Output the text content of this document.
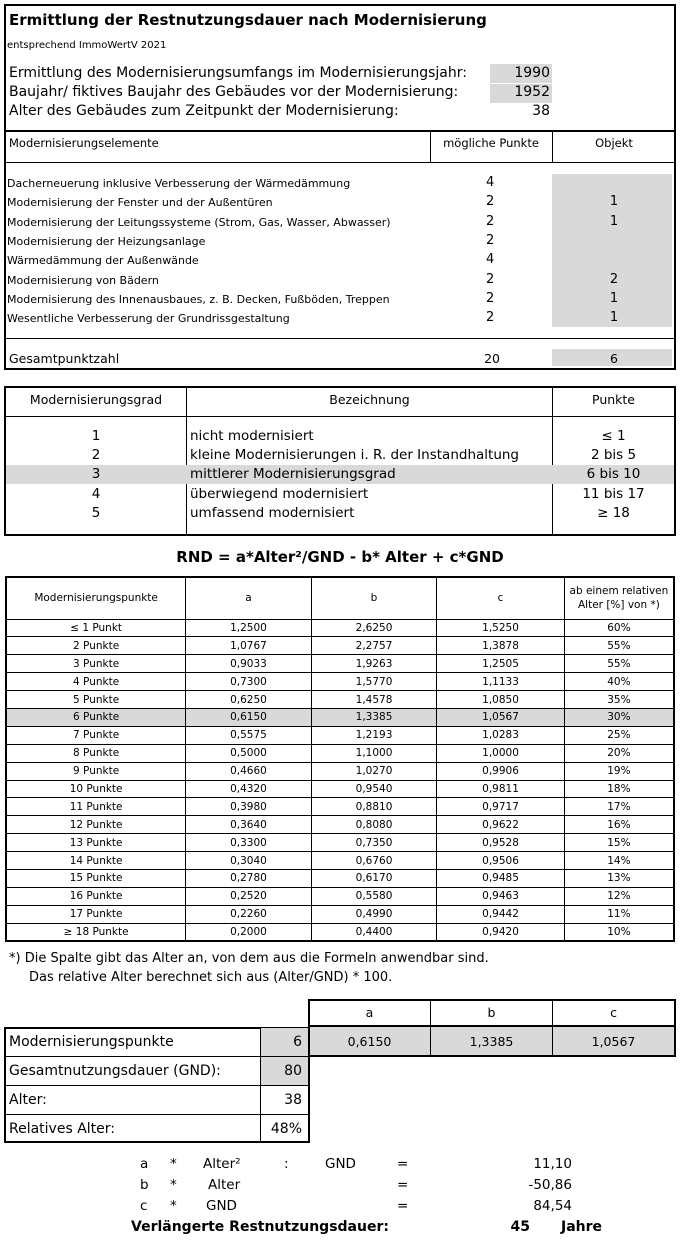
Ermittlung der Restnutzungsdauer nach Modernisierung
entsprechend ImmoWertV 2021
Ermittlung des Modernisierungsumfangs im Modernisierungsjahr:	1990
Baujahr/ fiktives Baujahr des Gebäudes vor der Modernisierung:	1952
Alter des Gebäudes zum Zeitpunkt der Modernisierung:	38
Modernisierungselemente	mögliche Punkte	Objekt
Dacherneuerung inklusive Verbesserung der Wärmedämmung	4
Modernisierung der Fenster und der Außentüren	2	1
Modernisierung der Leitungssysteme (Strom, Gas, Wasser, Abwasser)	2	1
Modernisierung der Heizungsanlage	2
Wärmedämmung der Außenwände	4
Modernisierung von Bädern	2	2
Modernisierung des Innenausbaues, z. B. Decken, Fußböden, Treppen	2	1
Wesentliche Verbesserung der Grundrissgestaltung	2	1
Gesamtpunktzahl	20	6
Modernisierungsgrad	Bezeichnung	Punkte
1	nicht modernisiert	≤ 1
2	kleine Modernisierungen i. R. der Instandhaltung	2 bis 5
3	mittlerer Modernisierungsgrad	6 bis 10
4	überwiegend modernisiert	11 bis 17
5	umfassend modernisiert	≥ 18
RND = a*Alter²/GND - b* Alter + c*GND
Modernisierungspunkte	a	b	c	ab einem relativen Alter [%] von *)
≤ 1 Punkt	1,2500	2,6250	1,5250	60%
2 Punkte	1,0767	2,2757	1,3878	55%
3 Punkte	0,9033	1,9263	1,2505	55%
4 Punkte	0,7300	1,5770	1,1133	40%
5 Punkte	0,6250	1,4578	1,0850	35%
6 Punkte	0,6150	1,3385	1,0567	30%
7 Punkte	0,5575	1,2193	1,0283	25%
8 Punkte	0,5000	1,1000	1,0000	20%
9 Punkte	0,4660	1,0270	0,9906	19%
10 Punkte	0,4320	0,9540	0,9811	18%
11 Punkte	0,3980	0,8810	0,9717	17%
12 Punkte	0,3640	0,8080	0,9622	16%
13 Punkte	0,3300	0,7350	0,9528	15%
14 Punkte	0,3040	0,6760	0,9506	14%
15 Punkte	0,2780	0,6170	0,9485	13%
16 Punkte	0,2520	0,5580	0,9463	12%
17 Punkte	0,2260	0,4990	0,9442	11%
≥ 18 Punkte	0,2000	0,4400	0,9420	10%
*) Die Spalte gibt das Alter an, von dem aus die Formeln anwendbar sind.
Das relative Alter berechnet sich aus (Alter/GND) * 100.
a	b	c
0,6150	1,3385	1,0567
Modernisierungspunkte	6
Gesamtnutzungsdauer (GND):	80
Alter:	38
Relatives Alter:	48%
a * Alter²	:	GND	=	11,10
b * Alter	=	-50,86
c * GND	=	84,54
Verlängerte Restnutzungsdauer:	45 Jahre
